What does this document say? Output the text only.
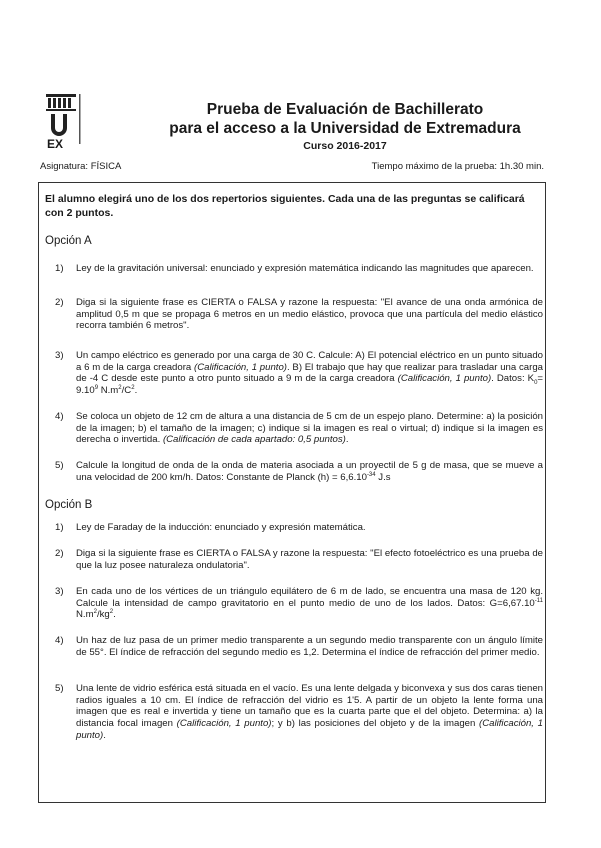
EX
Prueba de Evaluación de Bachillerato
para el acceso a la Universidad de Extremadura
Curso 2016-2017
Asignatura: FÍSICA	Tiempo máximo de la prueba: 1h.30 min.
El alumno elegirá uno de los dos repertorios siguientes. Cada una de las preguntas se calificará con 2 puntos.
Opción A
1) Ley de la gravitación universal: enunciado y expresión matemática indicando las magnitudes que aparecen.
2) Diga si la siguiente frase es CIERTA o FALSA y razone la respuesta: "El avance de una onda armónica de amplitud 0,5 m que se propaga 6 metros en un medio elástico, provoca que una partícula del medio elástico recorra también 6 metros".
3) Un campo eléctrico es generado por una carga de 30 C. Calcule: A) El potencial eléctrico en un punto situado a 6 m de la carga creadora (Calificación, 1 punto). B) El trabajo que hay que realizar para trasladar una carga de -4 C desde este punto a otro punto situado a 9 m de la carga creadora (Calificación, 1 punto). Datos: $K_0= 9.10^9$ $N.m^2/C^2$.
4) Se coloca un objeto de 12 cm de altura a una distancia de 5 cm de un espejo plano. Determine: a) la posición de la imagen; b) el tamaño de la imagen; c) indique si la imagen es real o virtual; d) indique si la imagen es derecha o invertida. (Calificación de cada apartado: 0,5 puntos).
5) Calcule la longitud de onda de la onda de materia asociada a un proyectil de 5 g de masa, que se mueve a una velocidad de 200 km/h. Datos: Constante de Planck $(h) = 6,6.10^{-34}$ J.s
Opción B
1) Ley de Faraday de la inducción: enunciado y expresión matemática.
2) Diga si la siguiente frase es CIERTA o FALSA y razone la respuesta: "El efecto fotoeléctrico es una prueba de que la luz posee naturaleza ondulatoria".
3) En cada uno de los vértices de un triángulo equilátero de 6 m de lado, se encuentra una masa de 120 kg. Calcule la intensidad de campo gravitatorio en el punto medio de uno de los lados. Datos: $G=6,67.10^{-11}$ $N.m^2/kg^2$.
4) Un haz de luz pasa de un primer medio transparente a un segundo medio transparente con un ángulo límite de 55°. El índice de refracción del segundo medio es 1,2. Determina el índice de refracción del primer medio.
5) Una lente de vidrio esférica está situada en el vacío. Es una lente delgada y biconvexa y sus dos caras tienen radios iguales a 10 cm. El índice de refracción del vidrio es 1'5. A partir de un objeto la lente forma una imagen que es real e invertida y tiene un tamaño que es la cuarta parte que el del objeto. Determina: a) la distancia focal imagen (Calificación, 1 punto); y b) las posiciones del objeto y de la imagen (Calificación, 1 punto).
